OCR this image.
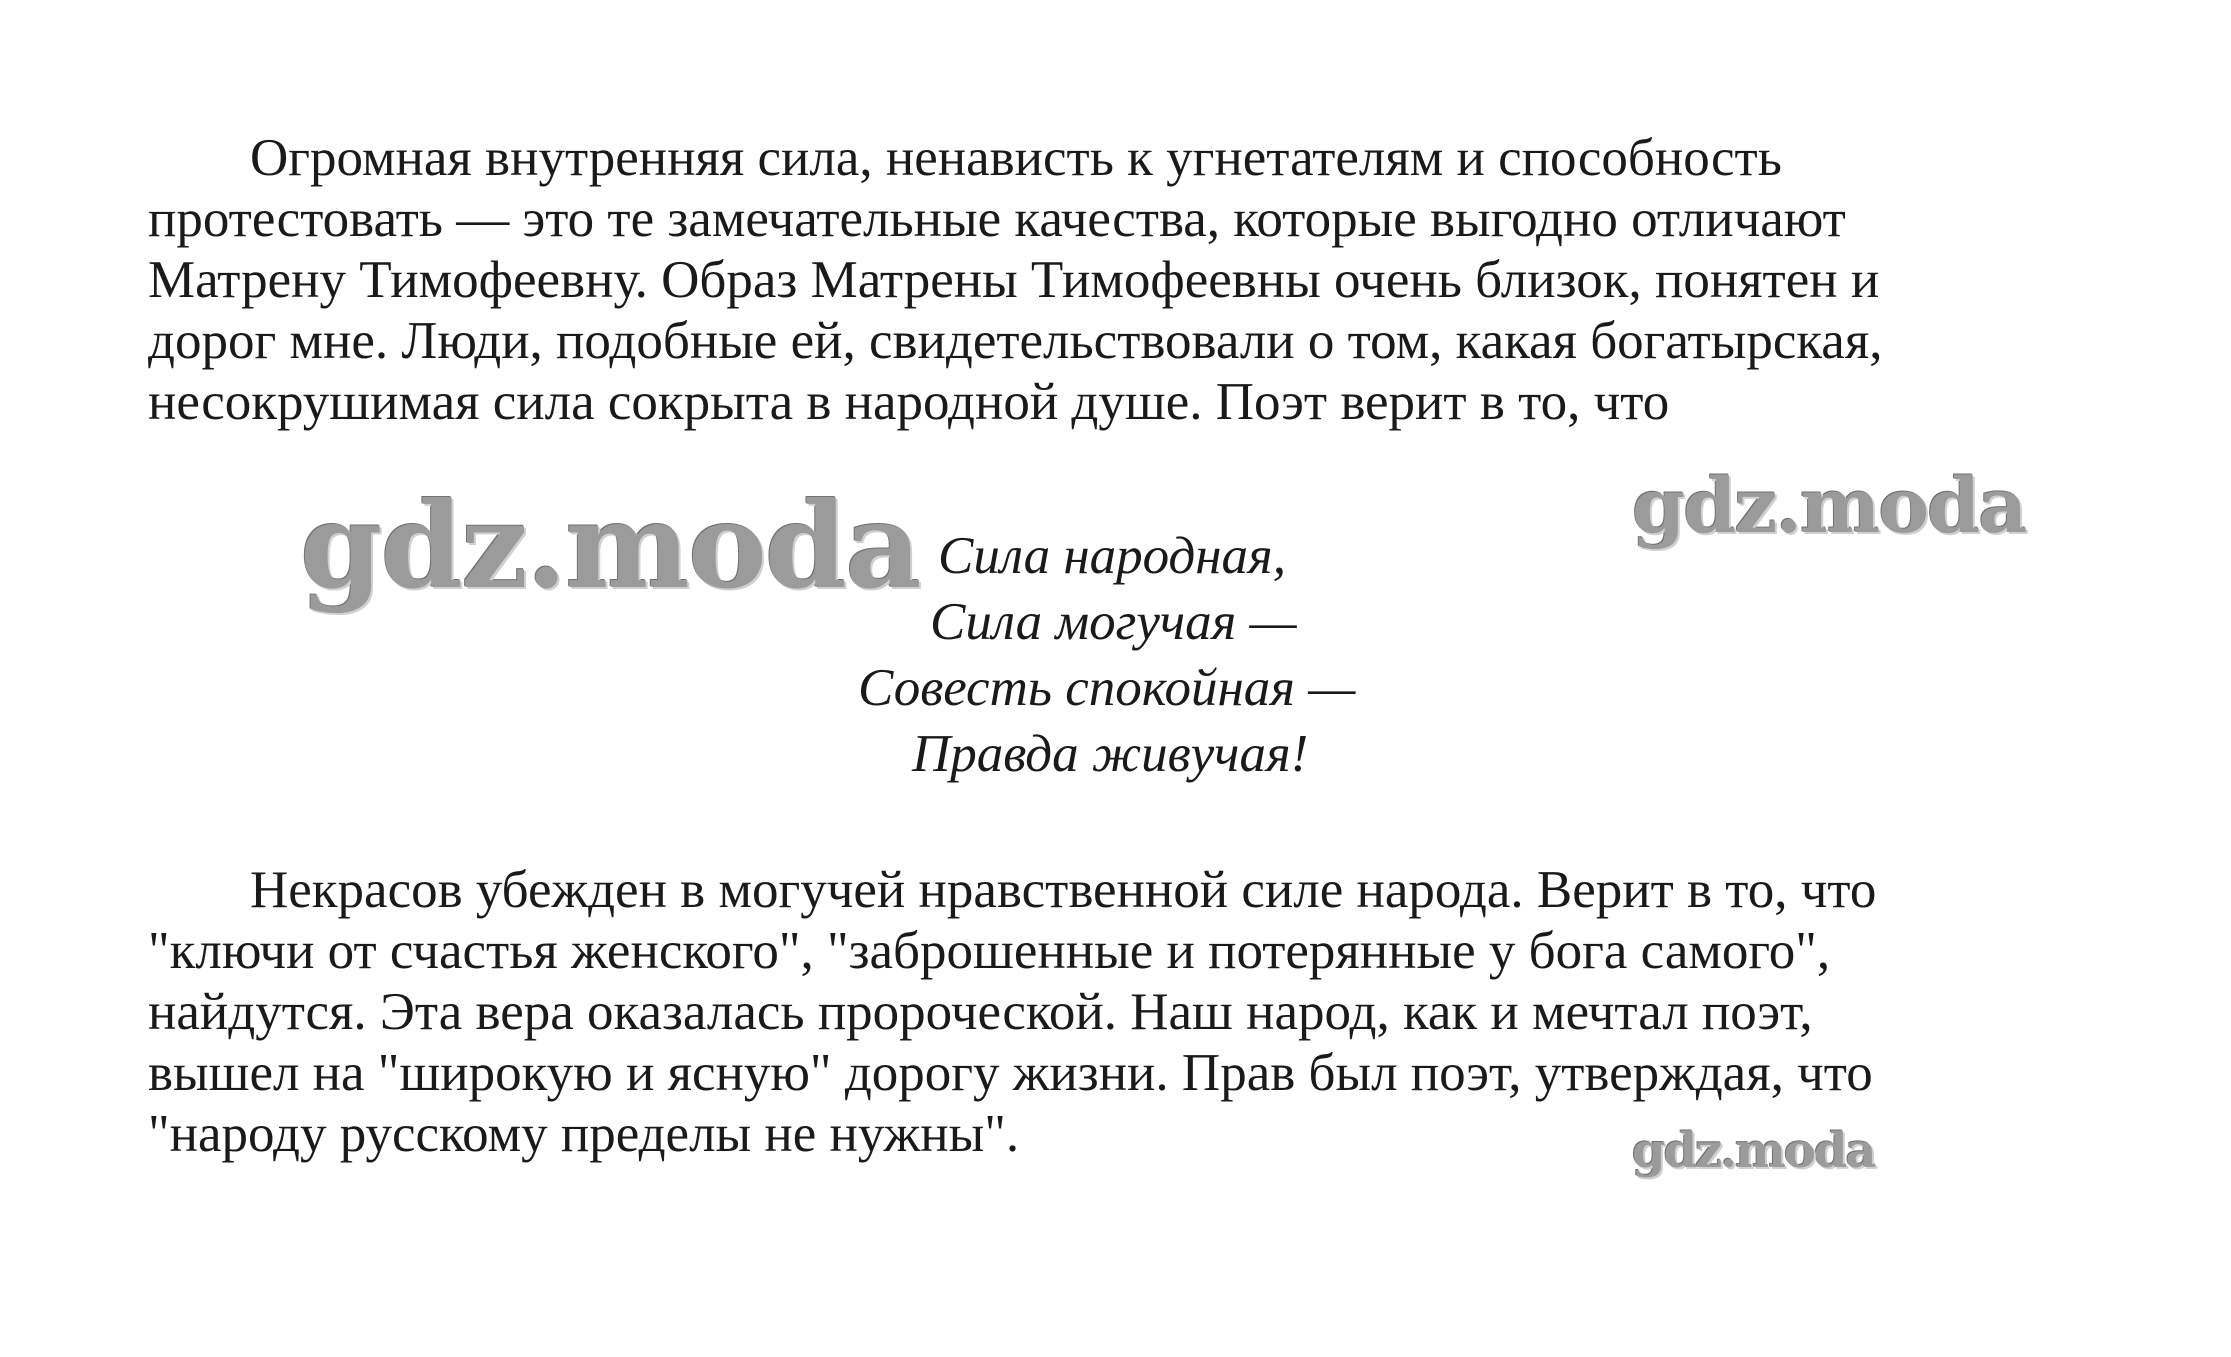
Огромная внутренняя сила, ненависть к угнетателям и способность
протестовать — это те замечательные качества, которые выгодно отличают
Матрену Тимофеевну. Образ Матрены Тимофеевны очень близок, понятен и
дорог мне. Люди, подобные ей, свидетельствовали о том, какая богатырская,
несокрушимая сила сокрыта в народной душе. Поэт верит в то, что

gdz.moda	gdz.moda
Сила народная,
Сила могучая —
Совесть спокойная —
Правда живучая!

Некрасов убежден в могучей нравственной силе народа. Верит в то, что
"ключи от счастья женского", "заброшенные и потерянные у бога самого",
найдутся. Эта вера оказалась пророческой. Наш народ, как и мечтал поэт,
вышел на "широкую и ясную" дорогу жизни. Прав был поэт, утверждая, что
"народу русскому пределы не нужны".	gdz.moda
